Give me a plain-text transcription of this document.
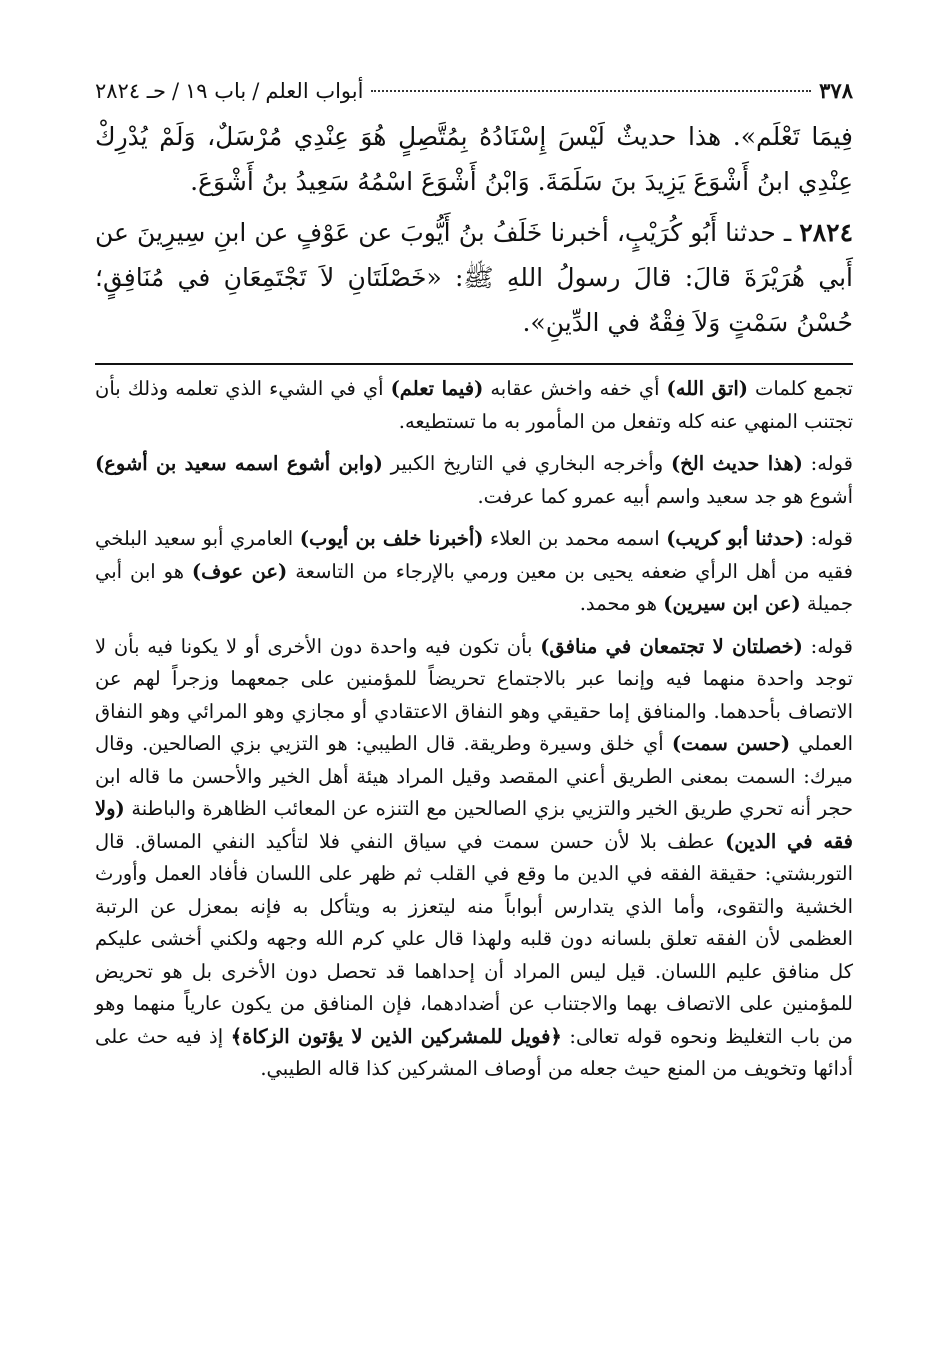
٣٧٨
أبواب العلم/باب ١٩/حـ ٢٨٢٤

فِيمَا تَعْلَم». هذا حديثٌ لَيْسَ إِسْنَادُهُ بِمُتَّصِلٍ هُوَ عِنْدِي مُرْسَلٌ، وَلَمْ يُدْرِكْ عِنْدِي ابنُ أَشْوَعَ يَزِيدَ بنَ سَلَمَةَ. وَابْنُ أَشْوَعَ اسْمُهُ سَعِيدُ بنُ أَشْوَعَ.

٢٨٢٤ ـ حدثنا أَبُو كُرَيْبٍ، أخبرنا خَلَفُ بنُ أَيُّوبَ عن عَوْفٍ عن ابنِ سِيرِينَ عن أَبي هُرَيْرَةَ قالَ: قالَ رسولُ اللهِ ﷺ: «خَصْلَتَانِ لاَ تَجْتَمِعَانِ في مُنَافِقٍ؛ حُسْنُ سَمْتٍ وَلاَ فِقْهٌ في الدِّينِ».

تجمع كلمات (اتق الله) أي خفه واخش عقابه (فيما تعلم) أي في الشيء الذي تعلمه وذلك بأن تجتنب المنهي عنه كله وتفعل من المأمور به ما تستطيعه.

قوله: (هذا حديث الخ) وأخرجه البخاري في التاريخ الكبير (وابن أشوع اسمه سعيد بن أشوع) أشوع هو جد سعيد واسم أبيه عمرو كما عرفت.

قوله: (حدثنا أبو كريب) اسمه محمد بن العلاء (أخبرنا خلف بن أيوب) العامري أبو سعيد البلخي فقيه من أهل الرأي ضعفه يحيى بن معين ورمي بالإرجاء من التاسعة (عن عوف) هو ابن أبي جميلة (عن ابن سيرين) هو محمد.

قوله: (خصلتان لا تجتمعان في منافق) بأن تكون فيه واحدة دون الأخرى أو لا يكونا فيه بأن لا توجد واحدة منهما فيه وإنما عبر بالاجتماع تحريضاً للمؤمنين على جمعهما وزجراً لهم عن الاتصاف بأحدهما. والمنافق إما حقيقي وهو النفاق الاعتقادي أو مجازي وهو المرائي وهو النفاق العملي (حسن سمت) أي خلق وسيرة وطريقة. قال الطيبي: هو التزيي بزي الصالحين. وقال ميرك: السمت بمعنى الطريق أعني المقصد وقيل المراد هيئة أهل الخير والأحسن ما قاله ابن حجر أنه تحري طريق الخير والتزيي بزي الصالحين مع التنزه عن المعائب الظاهرة والباطنة (ولا فقه في الدين) عطف بلا لأن حسن سمت في سياق النفي فلا لتأكيد النفي المساق. قال التوربشتي: حقيقة الفقه في الدين ما وقع في القلب ثم ظهر على اللسان فأفاد العمل وأورث الخشية والتقوى، وأما الذي يتدارس أبواباً منه ليتعزز به ويتأكل به فإنه بمعزل عن الرتبة العظمى لأن الفقه تعلق بلسانه دون قلبه ولهذا قال علي كرم الله وجهه ولكني أخشى عليكم كل منافق عليم اللسان. قيل ليس المراد أن إحداهما قد تحصل دون الأخرى بل هو تحريض للمؤمنين على الاتصاف بهما والاجتناب عن أضدادهما، فإن المنافق من يكون عارياً منهما وهو من باب التغليظ ونحوه قوله تعالى: ﴿فويل للمشركين الذين لا يؤتون الزكاة﴾ إذ فيه حث على أدائها وتخويف من المنع حيث جعله من أوصاف المشركين كذا قاله الطيبي.
